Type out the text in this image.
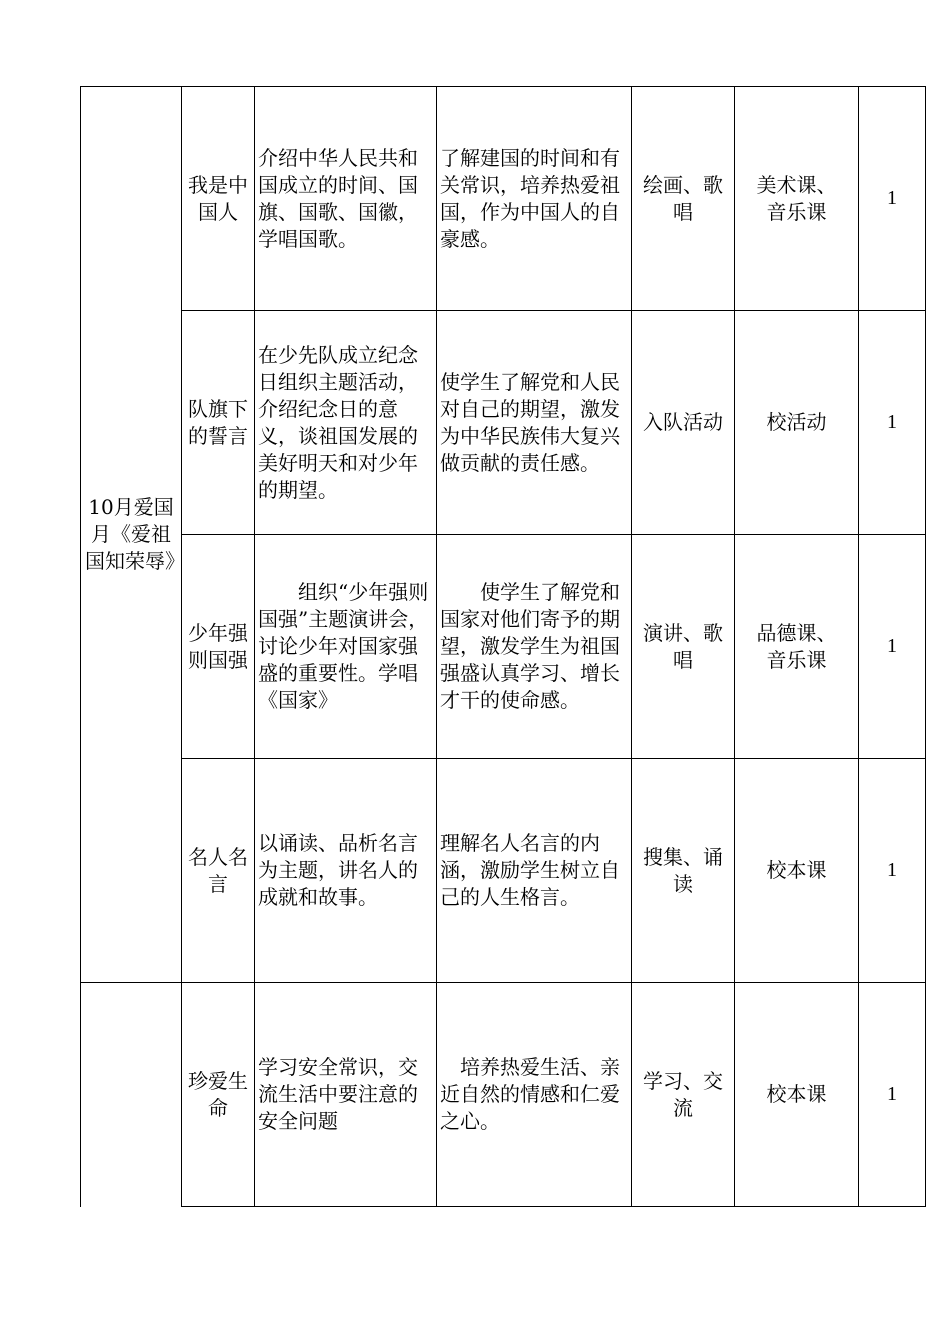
10月爱国月《爱祖国知荣辱》	我是中国人	介绍中华人民共和国成立的时间、国旗、国歌、国徽，学唱国歌。	了解建国的时间和有关常识，培养热爱祖国，作为中国人的自豪感。	绘画、歌唱	美术课、音乐课	1
	队旗下的誓言	在少先队成立纪念日组织主题活动，介绍纪念日的意义，谈祖国发展的美好明天和对少年的期望。	使学生了解党和人民对自己的期望，激发为中华民族伟大复兴做贡献的责任感。	入队活动	校活动	1
	少年强则国强	　　组织“少年强则国强”主题演讲会，讨论少年对国家强盛的重要性。学唱《国家》	　　使学生了解党和国家对他们寄予的期望，激发学生为祖国强盛认真学习、增长才干的使命感。	演讲、歌唱	品德课、音乐课	1
	名人名言	以诵读、品析名言为主题，讲名人的成就和故事。	理解名人名言的内涵，激励学生树立自己的人生格言。	搜集、诵读	校本课	1
	珍爱生命	学习安全常识，交流生活中要注意的安全问题	　培养热爱生活、亲近自然的情感和仁爱之心。	学习、交流	校本课	1
